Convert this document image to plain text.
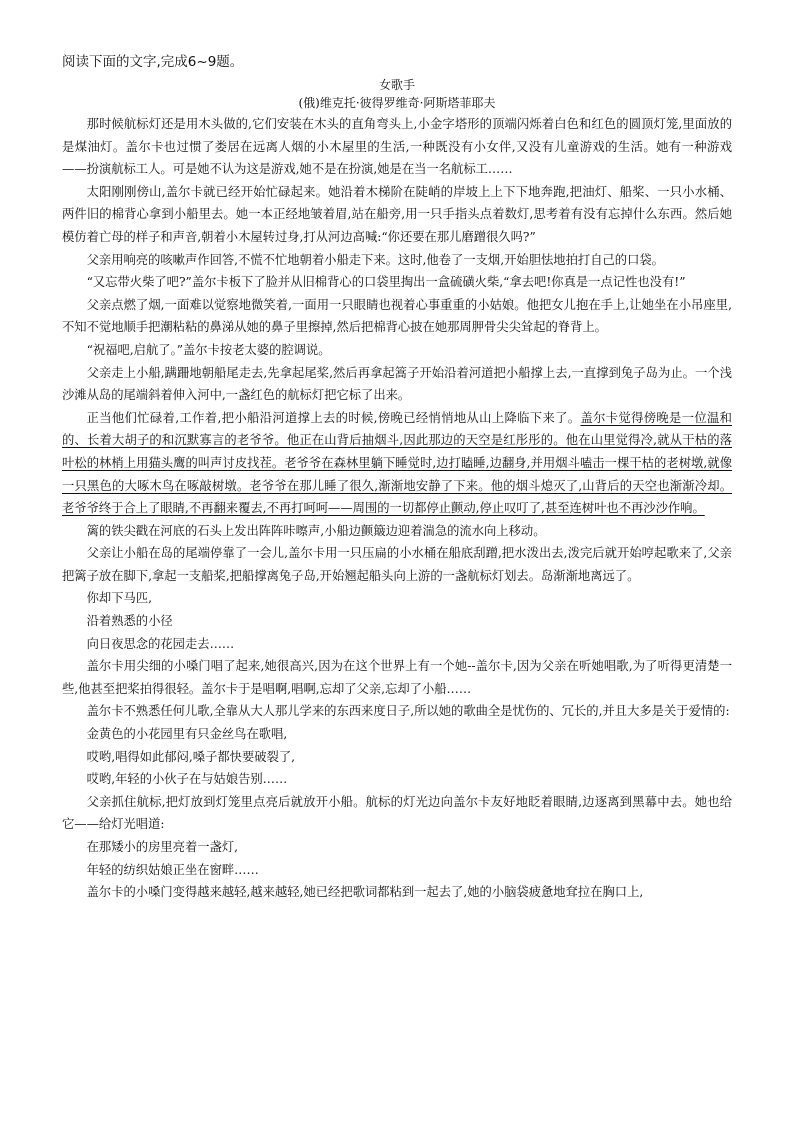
阅读下面的文字,完成6~9题。
女歌手
(俄)维克托·彼得罗维奇·阿斯塔菲耶夫

那时候航标灯还是用木头做的,它们安装在木头的直角弯头上,小金字塔形的顶端闪烁着白色和红色的圆顶灯笼,里面放的是煤油灯。盖尔卡也过惯了娄居在远离人烟的小木屋里的生活,一种既没有小女伴,又没有儿童游戏的生活。她有一种游戏——扮演航标工人。可是她不认为这是游戏,她不是在扮演,她是在当一名航标工……

太阳刚刚傍山,盖尔卡就已经开始忙碌起来。她沿着木梯阶在陡峭的岸坡上上下下地奔跑,把油灯、船桨、一只小水桶、两件旧的棉背心拿到小船里去。她一本正经地皱着眉,站在船旁,用一只手指头点着数灯,思考着有没有忘掉什么东西。然后她模仿着亡母的样子和声音,朝着小木屋转过身,打从河边高喊:“你还要在那儿磨蹭很久吗?”

父亲用响亮的咳嗽声作回答,不慌不忙地朝着小船走下来。这时,他卷了一支烟,开始胆怯地拍打自己的口袋。

“又忘带火柴了吧?”盖尔卡板下了脸并从旧棉背心的口袋里掏出一盒硫磺火柴,“拿去吧!你真是一点记性也没有!”

父亲点燃了烟,一面难以觉察地微笑着,一面用一只眼睛也视着心事重重的小姑娘。他把女儿抱在手上,让她坐在小吊座里,不知不觉地顺手把潮粘粘的鼻涕从她的鼻子里擦掉,然后把棉背心披在她那周胛骨尖尖耸起的脊背上。

“祝福吧,启航了。”盖尔卡按老太婆的腔调说。

父亲走上小船,蹒跚地朝船尾走去,先拿起尾桨,然后再拿起篙子开始沿着河道把小船撑上去,一直撑到兔子岛为止。一个浅沙滩从岛的尾端斜着伸入河中,一盏红色的航标灯把它标了出来。

正当他们忙碌着,工作着,把小船沿河道撑上去的时候,傍晚已经悄悄地从山上降临下来了。盖尔卡觉得傍晚是一位温和的、长着大胡子的和沉默寡言的老爷爷。他正在山背后抽烟斗,因此那边的天空是红彤彤的。他在山里觉得冷,就从干枯的落叶松的林梢上用猫头鹰的叫声讨皮找茬。老爷爷在森林里躺下睡觉时,边打瞌睡,边翻身,并用烟斗嗑击一棵干枯的老树墩,就像一只黑色的大啄木鸟在啄敲树墩。老爷爷在那儿睡了很久,渐渐地安静了下来。他的烟斗熄灭了,山背后的天空也渐渐冷却。老爷爷终于合上了眼睛,不再翻来覆去,不再打呵呵——周围的一切都停止颤动,停止叹叮了,甚至连树叶也不再沙沙作响。

篱的铁尖戳在河底的石头上发出阵阵咔嚓声,小船边颤簸边迎着湍急的流水向上移动。

父亲让小船在岛的尾端停靠了一会儿,盖尔卡用一只压扁的小水桶在船底刮蹭,把水泼出去,泼完后就开始哼起歌来了,父亲把篱子放在脚下,拿起一支船桨,把船撑离兔子岛,开始翘起船头向上游的一盏航标灯划去。岛渐渐地离远了。

你却下马匹,

沿着熟悉的小径

向日夜思念的花园走去……

盖尔卡用尖细的小嗓门唱了起来,她很高兴,因为在这个世界上有一个她--盖尔卡,因为父亲在听她唱歌,为了听得更清楚一些,他甚至把桨拍得很轻。盖尔卡于是唱啊,唱啊,忘却了父亲,忘却了小船……

盖尔卡不熟悉任何儿歌,全靠从大人那儿学来的东西来度日子,所以她的歌曲全是忧伤的、冗长的,并且大多是关于爱情的:

金黄色的小花园里有只金丝鸟在歌唱,

哎哟,唱得如此郁闷,嗓子都快要破裂了,

哎哟,年轻的小伙子在与姑娘告别……

父亲抓住航标,把灯放到灯笼里点亮后就放开小船。航标的灯光边向盖尔卡友好地眨着眼睛,边逐离到黑幕中去。她也给它——给灯光唱道:

在那矮小的房里亮着一盏灯,

年轻的纺织姑娘正坐在窗畔……

盖尔卡的小嗓门变得越来越轻,越来越轻,她已经把歌词都粘到一起去了,她的小脑袋疲惫地耷拉在胸口上,
